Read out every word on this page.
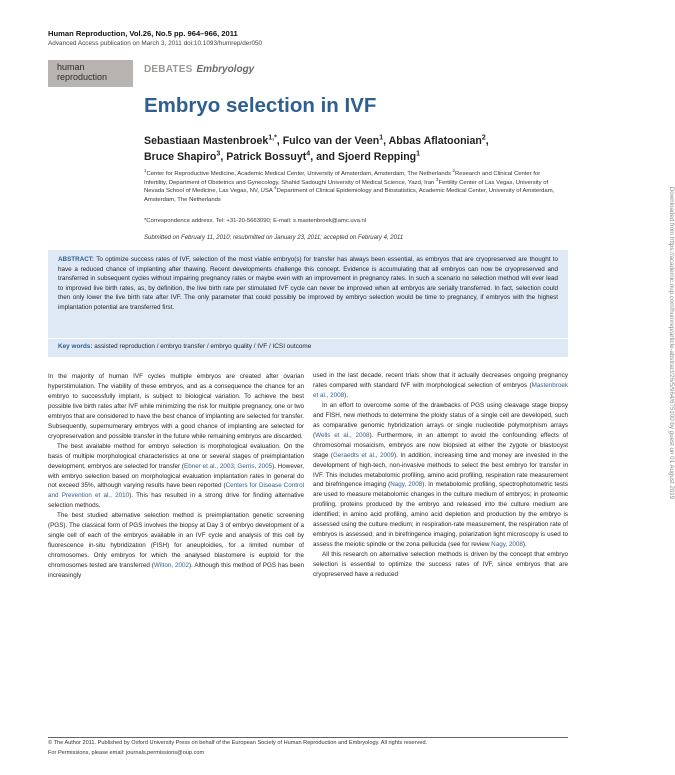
Human Reproduction, Vol.26, No.5 pp. 964–966, 2011
Advanced Access publication on March 3, 2011 doi:10.1093/humrep/der050
human
reproduction
DEBATES Embryology
Embryo selection in IVF
Sebastiaan Mastenbroek$^{1,*}$, Fulco van der Veen$^1$, Abbas Aflatoonian$^2$,
Bruce Shapiro$^3$, Patrick Bossuyt$^4$, and Sjoerd Repping$^1$
$^1$Center for Reproductive Medicine, Academic Medical Center, University of Amsterdam, Amsterdam, The Netherlands $^2$Research and Clinical Center for Infertility, Department of Obstetrics and Gynecology, Shahid Sadoughi University of Medical Science, Yazd, Iran $^3$Fertility Center of Las Vegas, University of Nevada School of Medicine, Las Vegas, NV, USA $^4$Department of Clinical Epidemiology and Biostatistics, Academic Medical Center, University of Amsterdam, Amsterdam, The Netherlands
*Correspondence address. Tel: +31-20-5663090; E-mail: s.mastenbroek@amc.uva.nl
Submitted on February 11, 2010; resubmitted on January 23, 2011; accepted on February 4, 2011
ABSTRACT: To optimize success rates of IVF, selection of the most viable embryo(s) for transfer has always been essential, as embryos that are cryopreserved are thought to have a reduced chance of implanting after thawing. Recent developments challenge this concept. Evidence is accumulating that all embryos can now be cryopreserved and transferred in subsequent cycles without impairing pregnancy rates or maybe even with an improvement in pregnancy rates. In such a scenario no selection method will ever lead to improved live birth rates, as, by definition, the live birth rate per stimulated IVF cycle can never be improved when all embryos are serially transferred. In fact, selection could then only lower the live birth rate after IVF. The only parameter that could possibly be improved by embryo selection would be time to pregnancy, if embryos with the highest implantation potential are transferred first.
Key words: assisted reproduction / embryo transfer / embryo quality / IVF / ICSI outcome

In the majority of human IVF cycles multiple embryos are created after ovarian hyperstimulation. The viability of these embryos, and as a consequence the chance for an embryo to successfully implant, is subject to biological variation. To achieve the best possible live birth rates after IVF while minimizing the risk for multiple pregnancy, one or two embryos that are considered to have the best chance of implanting are selected for transfer. Subsequently, supernumerary embryos with a good chance of implanting are selected for cryopreservation and possible transfer in the future while remaining embryos are discarded.

The best available method for embryo selection is morphological evaluation. On the basis of multiple morphological characteristics at one or several stages of preimplantation development, embryos are selected for transfer (Ebner et al., 2003; Gerris, 2005). However, with embryo selection based on morphological evaluation implantation rates in general do not exceed 35%, although varying results have been reported (Centers for Disease Control and Prevention et al., 2010). This has resulted in a strong drive for finding alternative selection methods.

The best studied alternative selection method is preimplantation genetic screening (PGS). The classical form of PGS involves the biopsy at Day 3 of embryo development of a single cell of each of the embryos available in an IVF cycle and analysis of this cell by fluorescence in-situ hybridization (FISH) for aneuploidies, for a limited number of chromosomes. Only embryos for which the analysed blastomere is euploid for the chromosomes tested are transferred (Wilton, 2002). Although this method of PGS has been increasingly

used in the last decade, recent trials show that it actually decreases ongoing pregnancy rates compared with standard IVF with morphological selection of embryos (Mastenbroek et al., 2008).

In an effort to overcome some of the drawbacks of PGS using cleavage stage biopsy and FISH, new methods to determine the ploidy status of a single cell are developed, such as comparative genomic hybridization arrays or single nucleotide polymorphism arrays (Wells et al., 2008). Furthermore, in an attempt to avoid the confounding effects of chromosomal mosaicism, embryos are now biopsied at either the zygote or blastocyst stage (Geraedts et al., 2009). In addition, increasing time and money are invested in the development of high-tech, non-invasive methods to select the best embryo for transfer in IVF. This includes metabolomic profiling, amino acid profiling, respiration rate measurement and birefringence imaging (Nagy, 2008). In metabolomic profiling, spectrophotometric tests are used to measure metabolomic changes in the culture medium of embryos; in proteomic profiling, proteins produced by the embryo and released into the culture medium are identified; in amino acid profiling, amino acid depletion and production by the embryo is assessed using the culture medium; in respiration-rate measurement, the respiration rate of embryos is assessed; and in birefringence imaging, polarization light microscopy is used to assess the meiotic spindle or the zona pellucida (see for review Nagy, 2008).

All this research on alternative selection methods is driven by the concept that embryo selection is essential to optimize the success rates of IVF, since embryos that are cryopreserved have a reduced

© The Author 2011. Published by Oxford University Press on behalf of the European Society of Human Reproduction and Embryology. All rights reserved.
For Permissions, please email: journals.permissions@oup.com
Downloaded from https://academic.oup.com/humrep/article-abstract/26/5/964/675100 by guest on 01 August 2019
